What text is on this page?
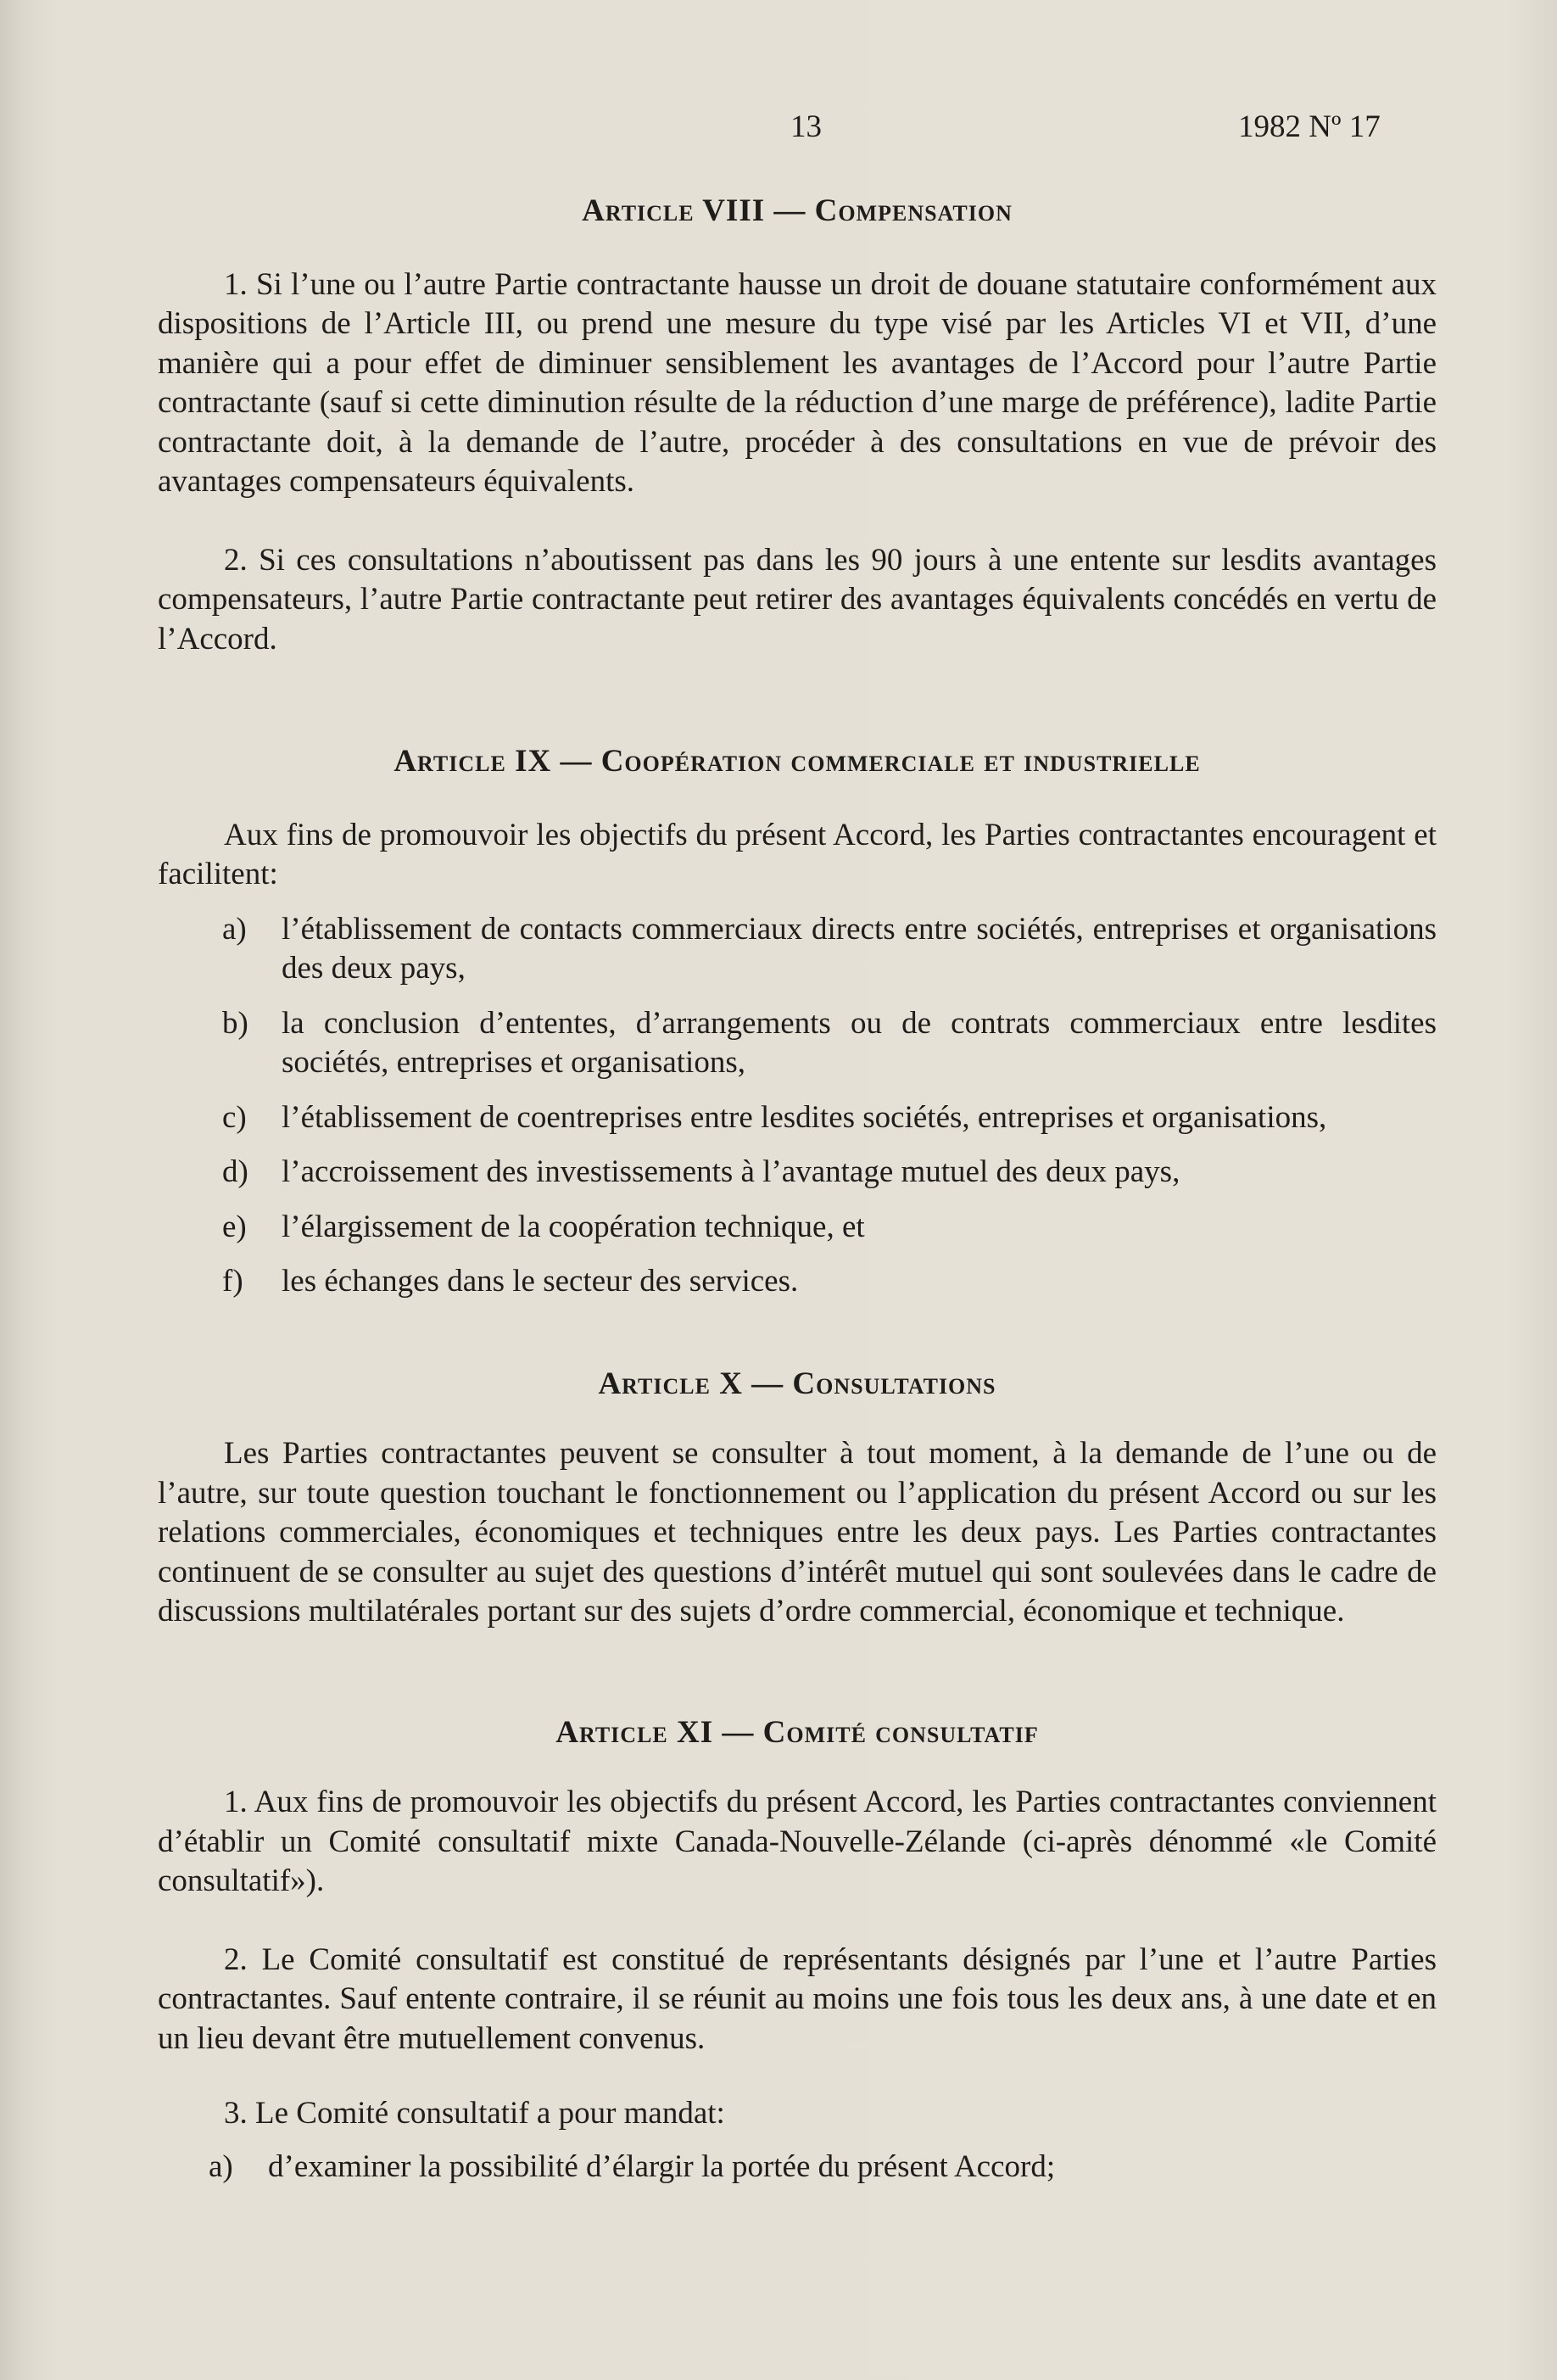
13	1982 Nº 17
Article VIII — Compensation

1. Si l’une ou l’autre Partie contractante hausse un droit de douane statutaire conformément aux dispositions de l’Article III, ou prend une mesure du type visé par les Articles VI et VII, d’une manière qui a pour effet de diminuer sensiblement les avantages de l’Accord pour l’autre Partie contractante (sauf si cette diminution résulte de la réduction d’une marge de préférence), ladite Partie contractante doit, à la demande de l’autre, procéder à des consultations en vue de prévoir des avantages compensateurs équivalents.

2. Si ces consultations n’aboutissent pas dans les 90 jours à une entente sur lesdits avantages compensateurs, l’autre Partie contractante peut retirer des avantages équivalents concédés en vertu de l’Accord.

Article IX — Coopération commerciale et industrielle

Aux fins de promouvoir les objectifs du présent Accord, les Parties contractantes encouragent et facilitent:

a)	l’établissement de contacts commerciaux directs entre sociétés, entreprises et organisations des deux pays,
b)	la conclusion d’ententes, d’arrangements ou de contrats commerciaux entre lesdites sociétés, entreprises et organisations,
c)	l’établissement de coentreprises entre lesdites sociétés, entreprises et organisations,
d)	l’accroissement des investissements à l’avantage mutuel des deux pays,
e)	l’élargissement de la coopération technique, et
f)	les échanges dans le secteur des services.
Article X — Consultations

Les Parties contractantes peuvent se consulter à tout moment, à la demande de l’une ou de l’autre, sur toute question touchant le fonctionnement ou l’application du présent Accord ou sur les relations commerciales, économiques et techniques entre les deux pays. Les Parties contractantes continuent de se consulter au sujet des questions d’intérêt mutuel qui sont soulevées dans le cadre de discussions multilatérales portant sur des sujets d’ordre commercial, économique et technique.

Article XI — Comité consultatif

1. Aux fins de promouvoir les objectifs du présent Accord, les Parties contractantes conviennent d’établir un Comité consultatif mixte Canada-Nouvelle-Zélande (ci-après dénommé «le Comité consultatif»).

2. Le Comité consultatif est constitué de représentants désignés par l’une et l’autre Parties contractantes. Sauf entente contraire, il se réunit au moins une fois tous les deux ans, à une date et en un lieu devant être mutuellement convenus.

3. Le Comité consultatif a pour mandat:

a)	d’examiner la possibilité d’élargir la portée du présent Accord;
